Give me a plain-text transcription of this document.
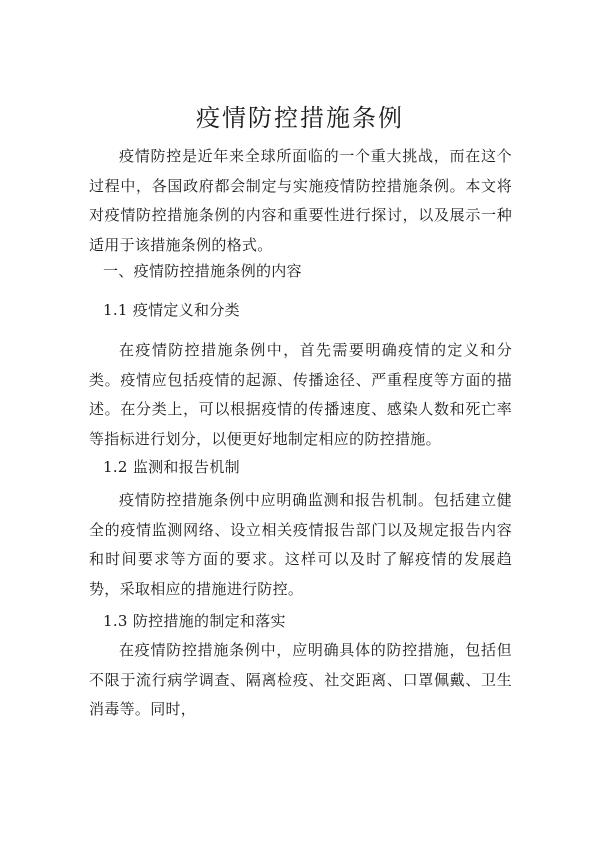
疫情防控措施条例

疫情防控是近年来全球所面临的一个重大挑战，而在这个过程中，各国政府都会制定与实施疫情防控措施条例。本文将对疫情防控措施条例的内容和重要性进行探讨，以及展示一种适用于该措施条例的格式。

一、疫情防控措施条例的内容

1.1 疫情定义和分类

在疫情防控措施条例中，首先需要明确疫情的定义和分类。疫情应包括疫情的起源、传播途径、严重程度等方面的描述。在分类上，可以根据疫情的传播速度、感染人数和死亡率等指标进行划分，以便更好地制定相应的防控措施。

1.2 监测和报告机制

疫情防控措施条例中应明确监测和报告机制。包括建立健全的疫情监测网络、设立相关疫情报告部门以及规定报告内容和时间要求等方面的要求。这样可以及时了解疫情的发展趋势，采取相应的措施进行防控。

1.3 防控措施的制定和落实

在疫情防控措施条例中，应明确具体的防控措施，包括但不限于流行病学调查、隔离检疫、社交距离、口罩佩戴、卫生消毒等。同时，
